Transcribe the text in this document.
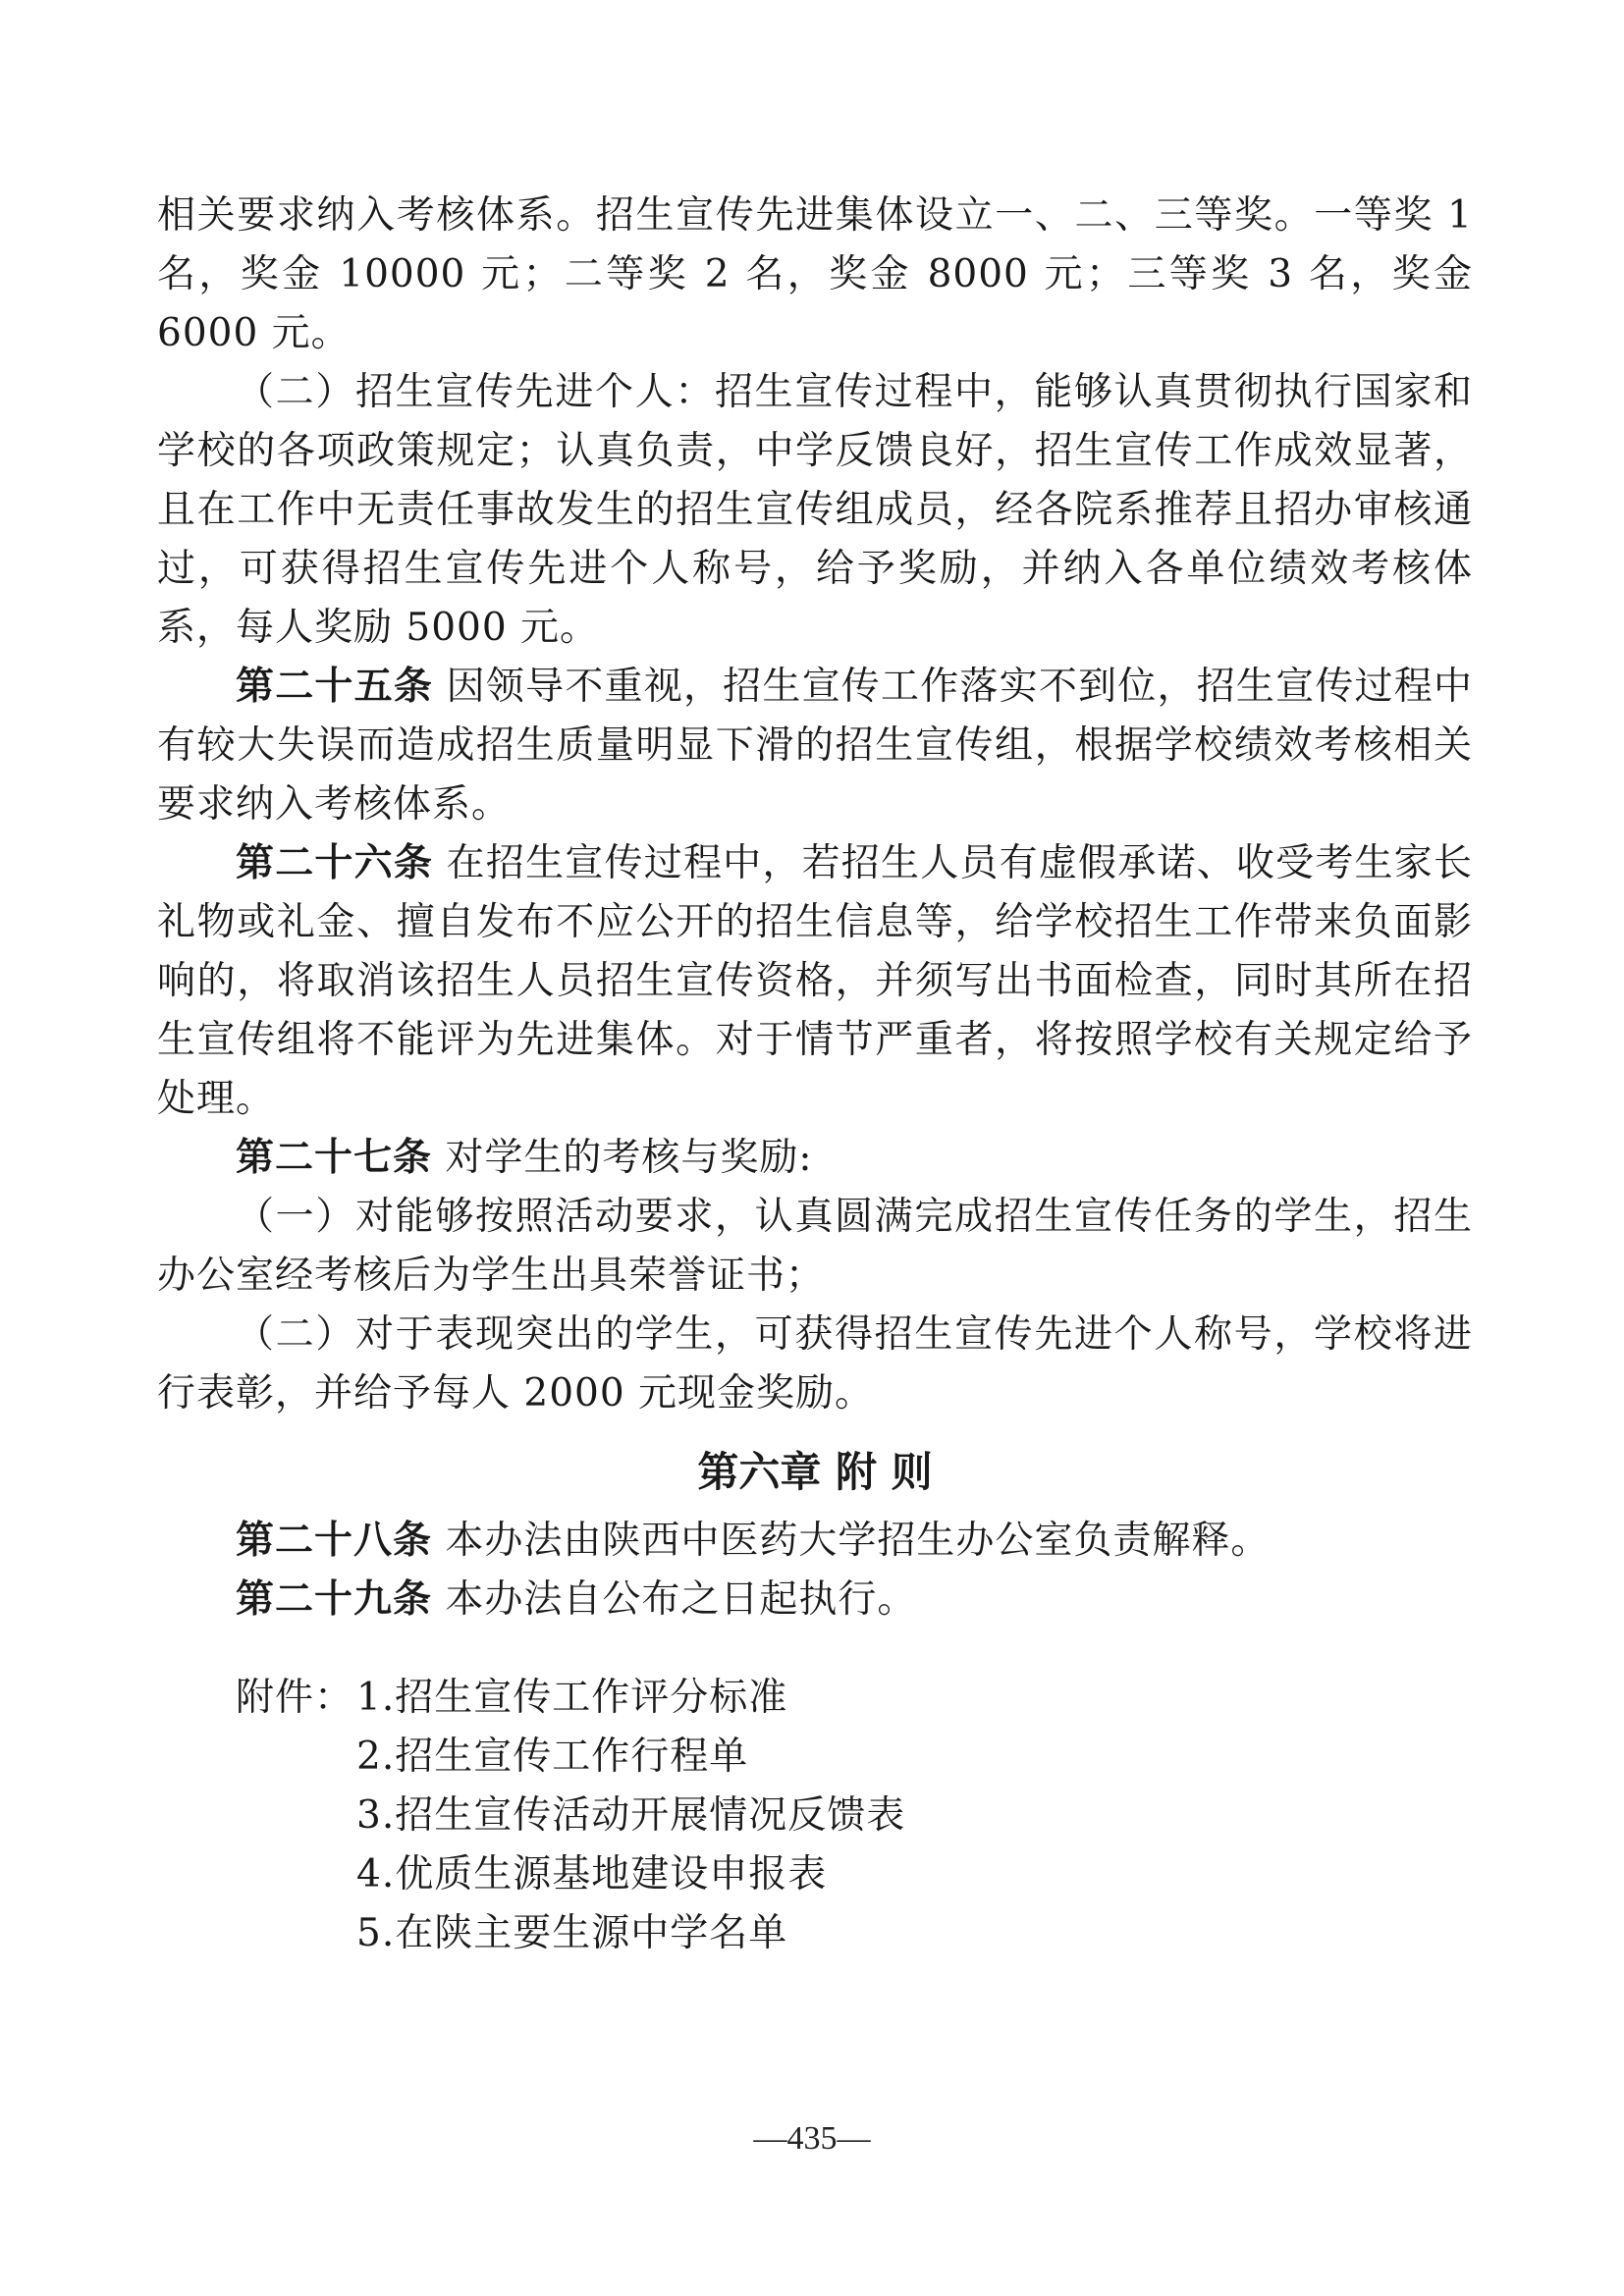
相关要求纳入考核体系。招生宣传先进集体设立一、二、三等奖。一等奖 1 名，奖金 10000 元；二等奖 2 名，奖金 8000 元；三等奖 3 名，奖金 6000 元。

（二）招生宣传先进个人：招生宣传过程中，能够认真贯彻执行国家和学校的各项政策规定；认真负责，中学反馈良好，招生宣传工作成效显著，且在工作中无责任事故发生的招生宣传组成员，经各院系推荐且招办审核通过，可获得招生宣传先进个人称号，给予奖励，并纳入各单位绩效考核体系，每人奖励 5000 元。

第二十五条 因领导不重视，招生宣传工作落实不到位，招生宣传过程中有较大失误而造成招生质量明显下滑的招生宣传组，根据学校绩效考核相关要求纳入考核体系。

第二十六条 在招生宣传过程中，若招生人员有虚假承诺、收受考生家长礼物或礼金、擅自发布不应公开的招生信息等，给学校招生工作带来负面影响的，将取消该招生人员招生宣传资格，并须写出书面检查，同时其所在招生宣传组将不能评为先进集体。对于情节严重者，将按照学校有关规定给予处理。

第二十七条 对学生的考核与奖励:

（一）对能够按照活动要求，认真圆满完成招生宣传任务的学生，招生办公室经考核后为学生出具荣誉证书；

（二）对于表现突出的学生，可获得招生宣传先进个人称号，学校将进行表彰，并给予每人 2000 元现金奖励。

第六章 附 则

第二十八条 本办法由陕西中医药大学招生办公室负责解释。

第二十九条 本办法自公布之日起执行。

附件：1.招生宣传工作评分标准
2.招生宣传工作行程单
3.招生宣传活动开展情况反馈表
4.优质生源基地建设申报表
5.在陕主要生源中学名单
—435—
